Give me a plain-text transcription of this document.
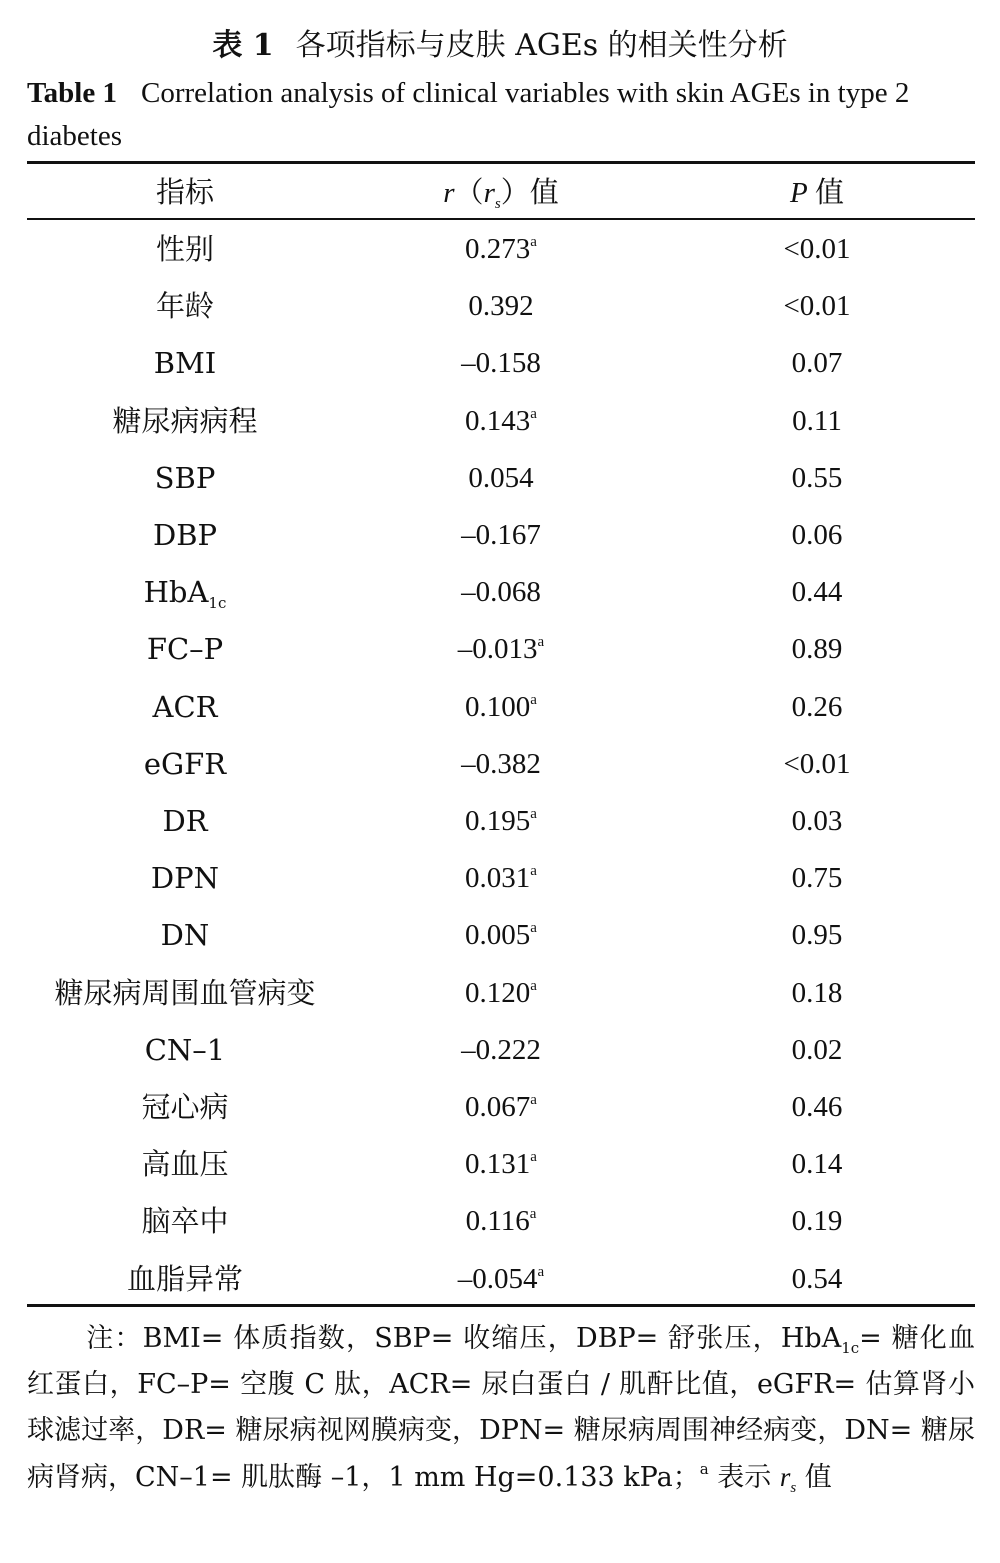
表 1 各项指标与皮肤 AGEs 的相关性分析
Table 1 Correlation analysis of clinical variables with skin AGEs in type 2 diabetes
指标	$r(r_s)$值	P 值
性别	0.273$^a$	<0.01
年龄	0.392	<0.01
BMI	–0.158	0.07
糖尿病病程	0.143$^a$	0.11
SBP	0.054	0.55
DBP	–0.167	0.06
HbA$_{1c}$	–0.068	0.44
FC–P	–0.013$^a$	0.89
ACR	0.100$^a$	0.26
eGFR	–0.382	<0.01
DR	0.195$^a$	0.03
DPN	0.031$^a$	0.75
DN	0.005$^a$	0.95
糖尿病周围血管病变	0.120$^a$	0.18
CN–1	–0.222	0.02
冠心病	0.067$^a$	0.46
高血压	0.131$^a$	0.14
脑卒中	0.116$^a$	0.19
血脂异常	–0.054$^a$	0.54
注：BMI= 体质指数，SBP= 收缩压，DBP= 舒张压，HbA$_{1c}$= 糖化血红蛋白，FC–P= 空腹 C 肽，ACR= 尿白蛋白 / 肌酐比值，eGFR= 估算肾小球滤过率，DR= 糖尿病视网膜病变，DPN= 糖尿病周围神经病变，DN= 糖尿病肾病，CN–1= 肌肽酶 –1，1 mm Hg=0.133 kPa；$^a$ 表示 $r_s$ 值
